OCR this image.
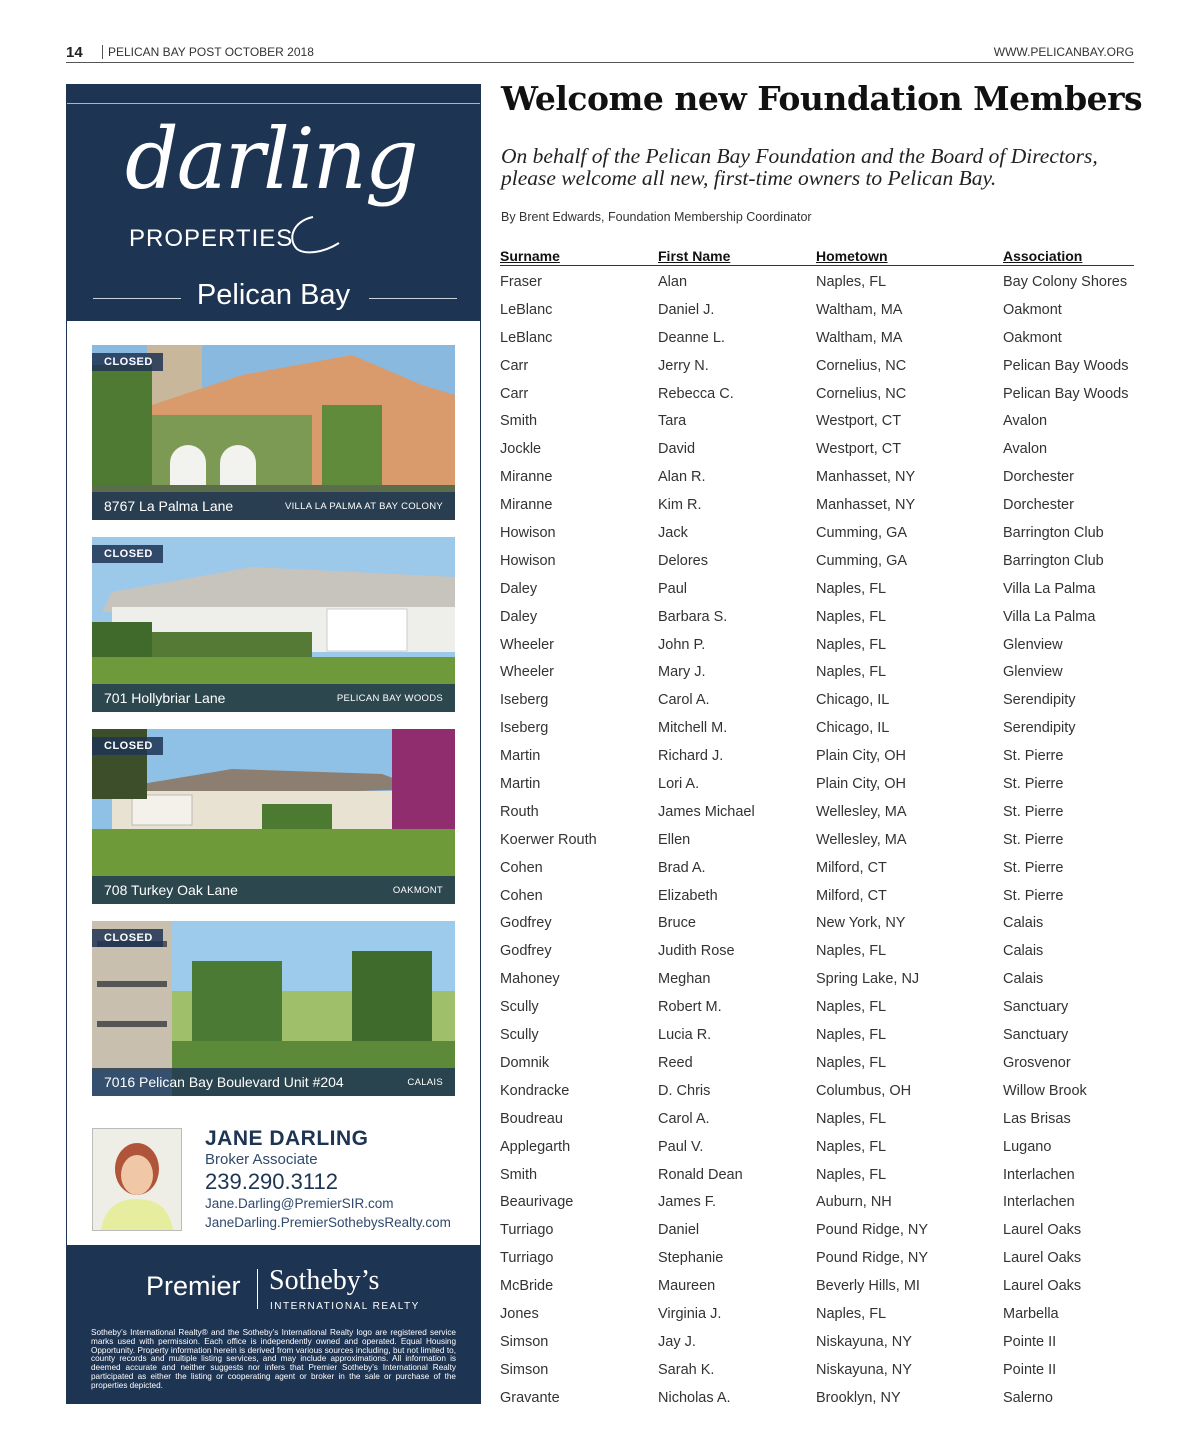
14	PELICAN BAY POST OCTOBER 2018	WWW.PELICANBAY.ORG
darling
PROPERTIES
Pelican Bay
CLOSED
8767 La Palma Lane	VILLA LA PALMA AT BAY COLONY
CLOSED
701 Hollybriar Lane	PELICAN BAY WOODS
CLOSED
708 Turkey Oak Lane	OAKMONT
CLOSED
7016 Pelican Bay Boulevard Unit #204	CALAIS
JANE DARLING
Broker Associate
239.290.3112
Jane.Darling@PremierSIR.com
JaneDarling.PremierSothebysRealty.com
Premier Sotheby’s
INTERNATIONAL REALTY
Sotheby’s International Realty® and the Sotheby’s International Realty logo are registered service marks used with permission. Each office is independently owned and operated. Equal Housing Opportunity. Property information herein is derived from various sources including, but not limited to, county records and multiple listing services, and may include approximations. All information is deemed accurate and neither suggests nor infers that Premier Sotheby’s International Realty participated as either the listing or cooperating agent or broker in the sale or purchase of the properties depicted.
Welcome new Foundation Members
On behalf of the Pelican Bay Foundation and the Board of Directors, please welcome all new, first-time owners to Pelican Bay.
By Brent Edwards, Foundation Membership Coordinator
Surname	First Name	Hometown	Association
Fraser	Alan	Naples, FL	Bay Colony Shores
LeBlanc	Daniel J.	Waltham, MA	Oakmont
LeBlanc	Deanne L.	Waltham, MA	Oakmont
Carr	Jerry N.	Cornelius, NC	Pelican Bay Woods
Carr	Rebecca C.	Cornelius, NC	Pelican Bay Woods
Smith	Tara	Westport, CT	Avalon
Jockle	David	Westport, CT	Avalon
Miranne	Alan R.	Manhasset, NY	Dorchester
Miranne	Kim R.	Manhasset, NY	Dorchester
Howison	Jack	Cumming, GA	Barrington Club
Howison	Delores	Cumming, GA	Barrington Club
Daley	Paul	Naples, FL	Villa La Palma
Daley	Barbara S.	Naples, FL	Villa La Palma
Wheeler	John P.	Naples, FL	Glenview
Wheeler	Mary J.	Naples, FL	Glenview
Iseberg	Carol A.	Chicago, IL	Serendipity
Iseberg	Mitchell M.	Chicago, IL	Serendipity
Martin	Richard J.	Plain City, OH	St. Pierre
Martin	Lori A.	Plain City, OH	St. Pierre
Routh	James Michael	Wellesley, MA	St. Pierre
Koerwer Routh	Ellen	Wellesley, MA	St. Pierre
Cohen	Brad A.	Milford, CT	St. Pierre
Cohen	Elizabeth	Milford, CT	St. Pierre
Godfrey	Bruce	New York, NY	Calais
Godfrey	Judith Rose	Naples, FL	Calais
Mahoney	Meghan	Spring Lake, NJ	Calais
Scully	Robert M.	Naples, FL	Sanctuary
Scully	Lucia R.	Naples, FL	Sanctuary
Domnik	Reed	Naples, FL	Grosvenor
Kondracke	D. Chris	Columbus, OH	Willow Brook
Boudreau	Carol A.	Naples, FL	Las Brisas
Applegarth	Paul V.	Naples, FL	Lugano
Smith	Ronald Dean	Naples, FL	Interlachen
Beaurivage	James F.	Auburn, NH	Interlachen
Turriago	Daniel	Pound Ridge, NY	Laurel Oaks
Turriago	Stephanie	Pound Ridge, NY	Laurel Oaks
McBride	Maureen	Beverly Hills, MI	Laurel Oaks
Jones	Virginia J.	Naples, FL	Marbella
Simson	Jay J.	Niskayuna, NY	Pointe II
Simson	Sarah K.	Niskayuna, NY	Pointe II
Gravante	Nicholas A.	Brooklyn, NY	Salerno
